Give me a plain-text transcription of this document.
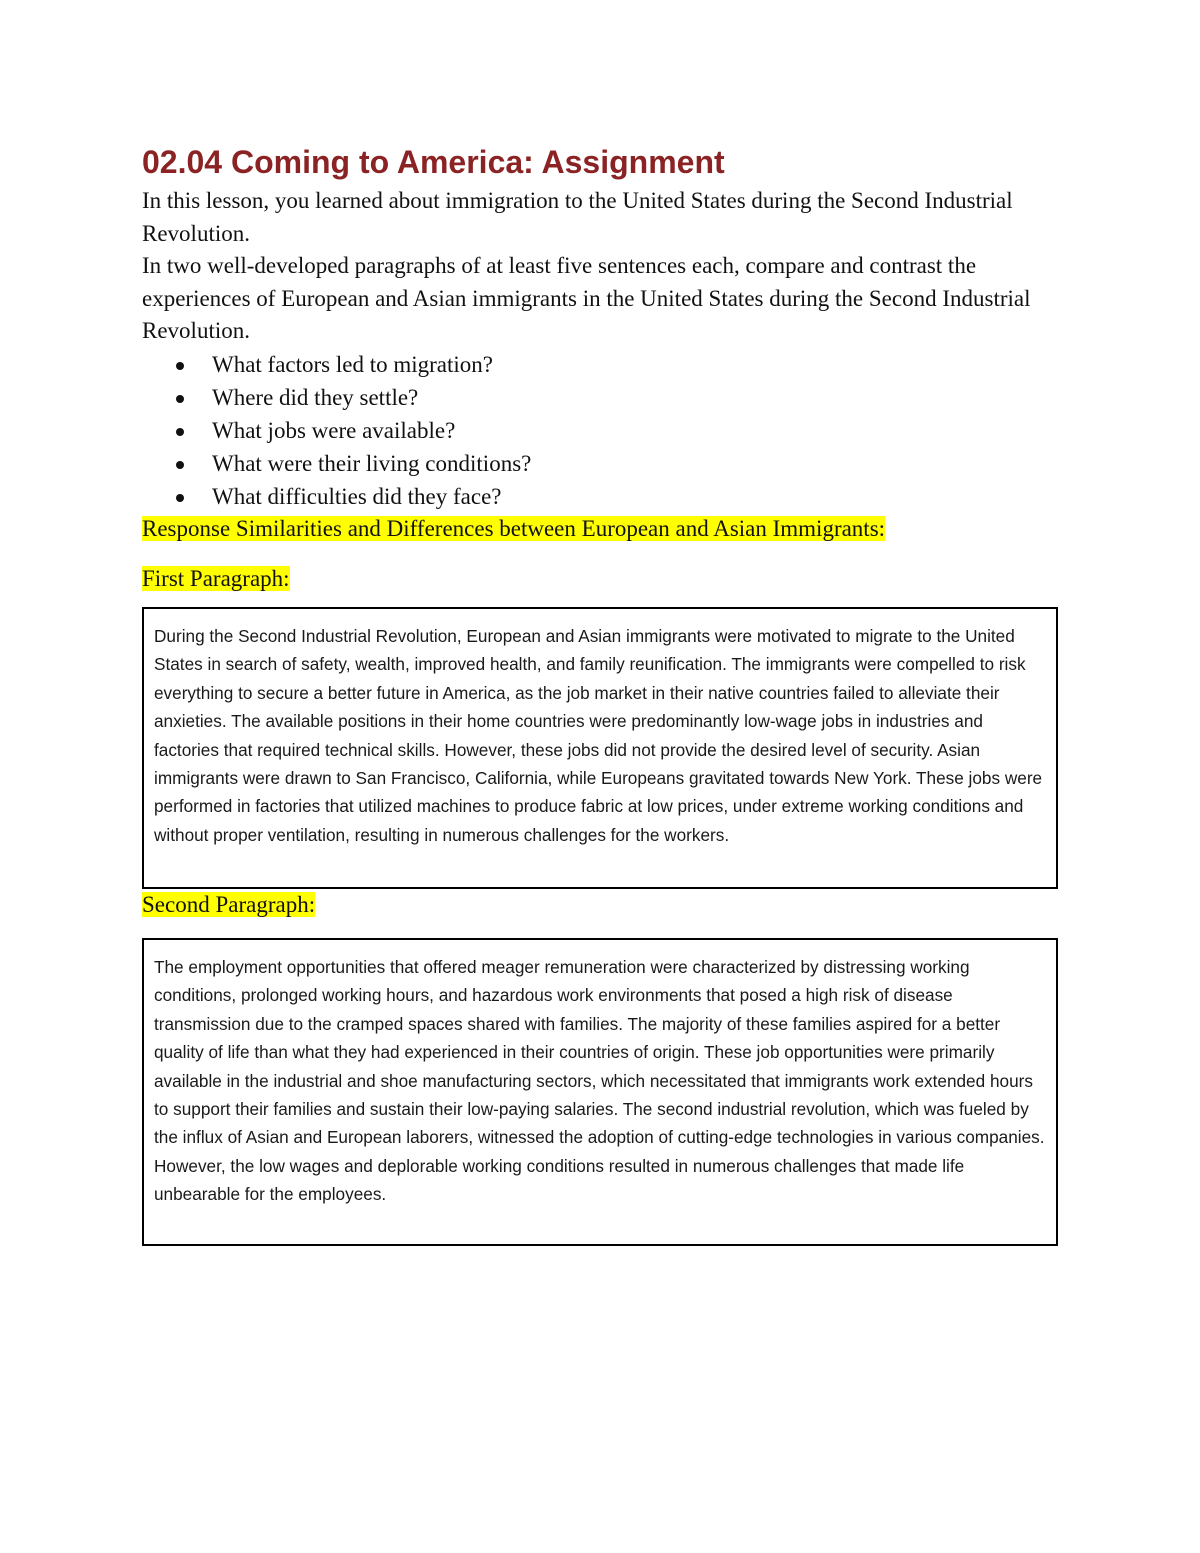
02.04 Coming to America: Assignment

In this lesson, you learned about immigration to the United States during the Second Industrial Revolution.

In two well-developed paragraphs of at least five sentences each, compare and contrast the experiences of European and Asian immigrants in the United States during the Second Industrial Revolution.

What factors led to migration?
Where did they settle?
What jobs were available?
What were their living conditions?
What difficulties did they face?
Response Similarities and Differences between European and Asian Immigrants:
First Paragraph:

During the Second Industrial Revolution, European and Asian immigrants were motivated to migrate to the United States in search of safety, wealth, improved health, and family reunification. The immigrants were compelled to risk everything to secure a better future in America, as the job market in their native countries failed to alleviate their anxieties. The available positions in their home countries were predominantly low-wage jobs in industries and factories that required technical skills. However, these jobs did not provide the desired level of security. Asian immigrants were drawn to San Francisco, California, while Europeans gravitated towards New York. These jobs were performed in factories that utilized machines to produce fabric at low prices, under extreme working conditions and without proper ventilation, resulting in numerous challenges for the workers.

Second Paragraph:

The employment opportunities that offered meager remuneration were characterized by distressing working conditions, prolonged working hours, and hazardous work environments that posed a high risk of disease transmission due to the cramped spaces shared with families. The majority of these families aspired for a better quality of life than what they had experienced in their countries of origin. These job opportunities were primarily available in the industrial and shoe manufacturing sectors, which necessitated that immigrants work extended hours to support their families and sustain their low-paying salaries. The second industrial revolution, which was fueled by the influx of Asian and European laborers, witnessed the adoption of cutting-edge technologies in various companies. However, the low wages and deplorable working conditions resulted in numerous challenges that made life unbearable for the employees.
